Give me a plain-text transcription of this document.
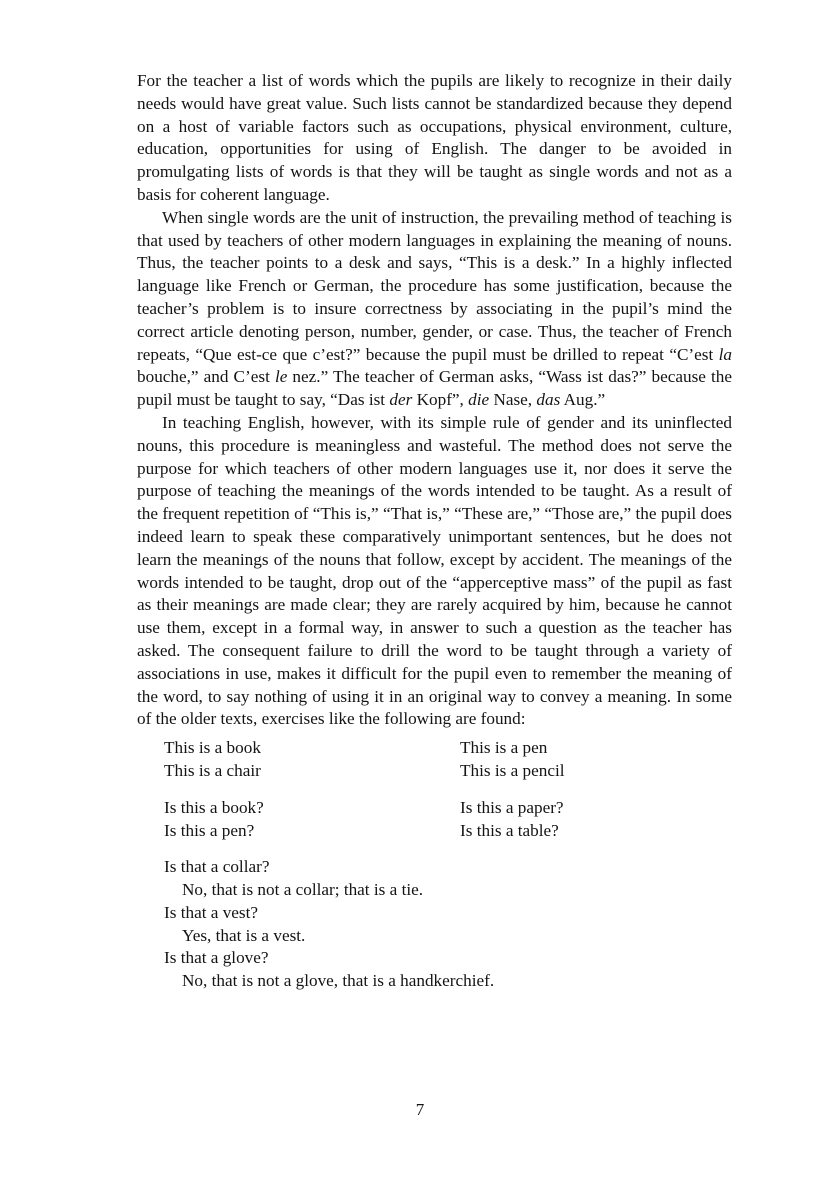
For the teacher a list of words which the pupils are likely to recognize in their daily needs would have great value. Such lists cannot be standardized because they depend on a host of variable factors such as occupations, physical environment, culture, education, opportunities for using of English. The danger to be avoided in promulgating lists of words is that they will be taught as single words and not as a basis for coherent language.

When single words are the unit of instruction, the prevailing method of teaching is that used by teachers of other modern languages in explaining the meaning of nouns. Thus, the teacher points to a desk and says, “This is a desk.” In a highly inflected language like French or German, the procedure has some justification, because the teacher’s problem is to insure correctness by associating in the pupil’s mind the correct article denoting person, number, gender, or case. Thus, the teacher of French repeats, “Que est-ce que c’est?” because the pupil must be drilled to repeat “C’est la bouche,” and C’est le nez.” The teacher of German asks, “Wass ist das?” because the pupil must be taught to say, “Das ist der Kopf”, die Nase, das Aug.”

In teaching English, however, with its simple rule of gender and its uninflected nouns, this procedure is meaningless and wasteful. The method does not serve the purpose for which teachers of other modern languages use it, nor does it serve the purpose of teaching the meanings of the words intended to be taught. As a result of the frequent repetition of “This is,” “That is,” “These are,” “Those are,” the pupil does indeed learn to speak these comparatively unimportant sentences, but he does not learn the meanings of the nouns that follow, except by accident. The meanings of the words intended to be taught, drop out of the “apperceptive mass” of the pupil as fast as their meanings are made clear; they are rarely acquired by him, because he cannot use them, except in a formal way, in answer to such a question as the teacher has asked. The consequent failure to drill the word to be taught through a variety of associations in use, makes it difficult for the pupil even to remember the meaning of the word, to say nothing of using it in an original way to convey a meaning. In some of the older texts, exercises like the following are found:

This is a book	This is a pen
This is a chair	This is a pencil
Is this a book?	Is this a paper?
Is this a pen?	Is this a table?
Is that a collar?
No, that is not a collar; that is a tie.
Is that a vest?
Yes, that is a vest.
Is that a glove?
No, that is not a glove, that is a handkerchief.
7
